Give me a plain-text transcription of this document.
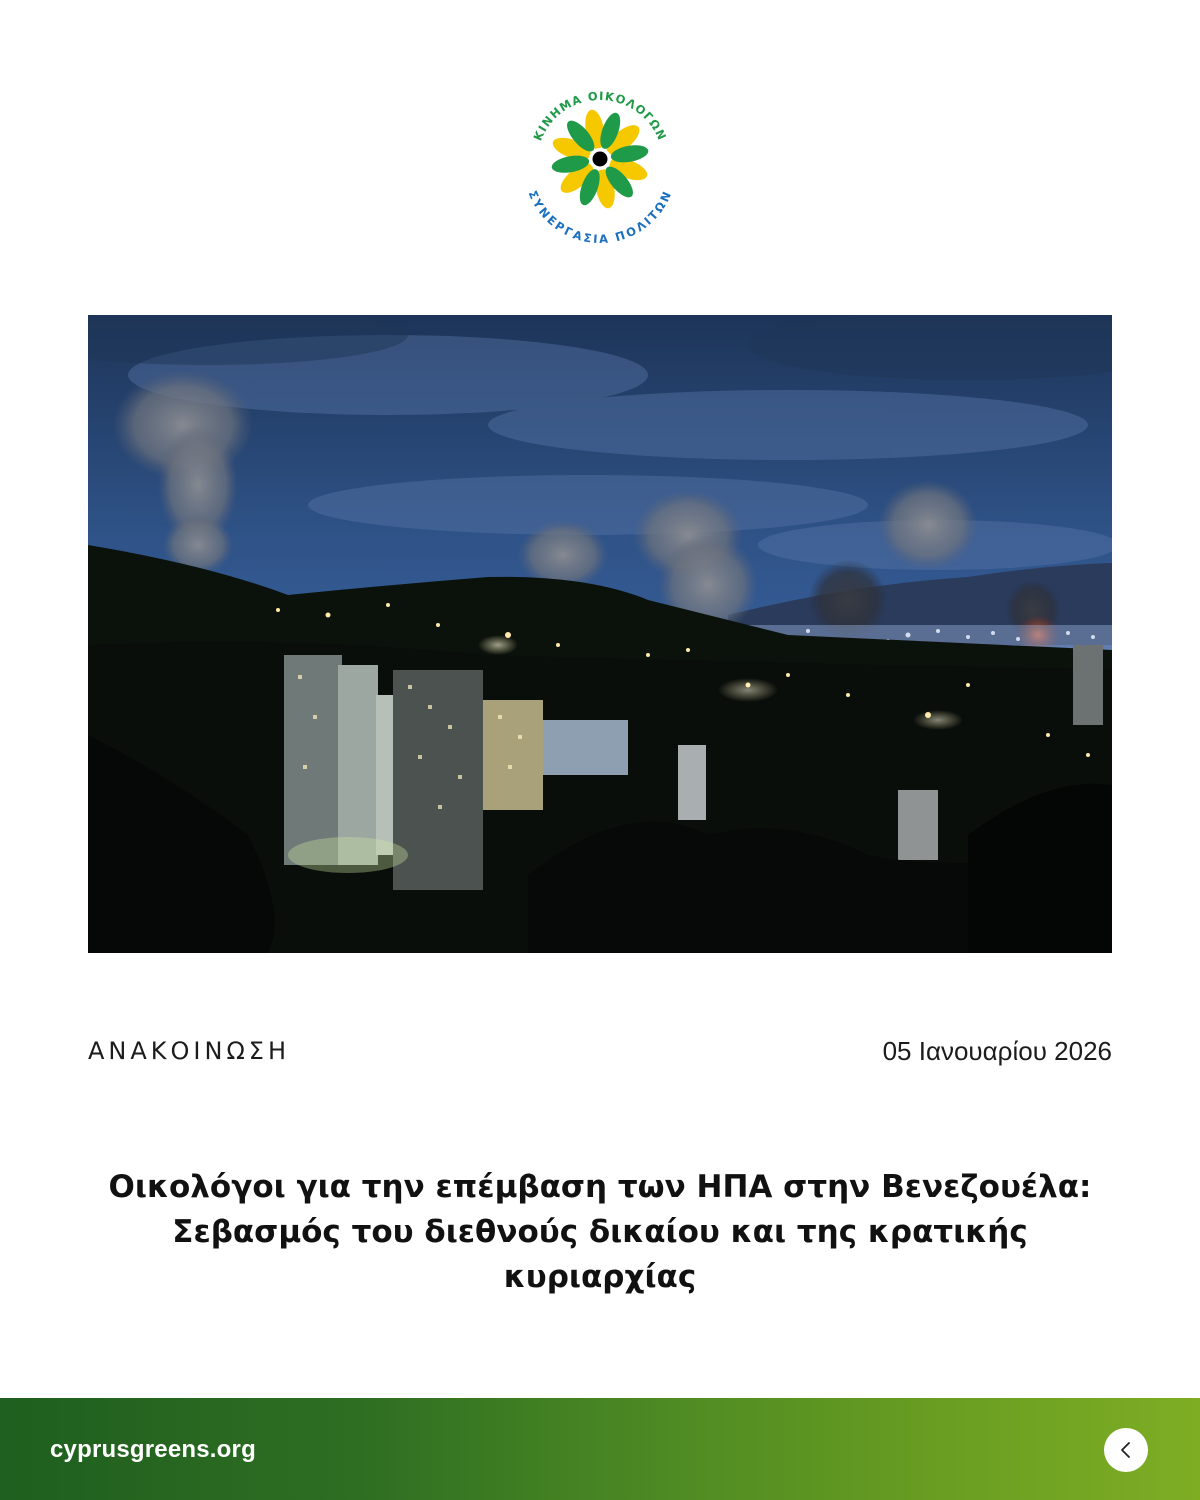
ΚΙΝΗΜΑ ΟΙΚΟΛΟΓΩΝ
ΣΥΝΕΡΓΑΣΙΑ ΠΟΛΙΤΩΝ
ΑΝΑΚΟΙΝΩΣΗ	05 Ιανουαρίου 2026
Οικολόγοι για την επέμβαση των ΗΠΑ στην Βενεζουέλα:
Σεβασμός του διεθνούς δικαίου και της κρατικής
κυριαρχίας
cyprusgreens.org
